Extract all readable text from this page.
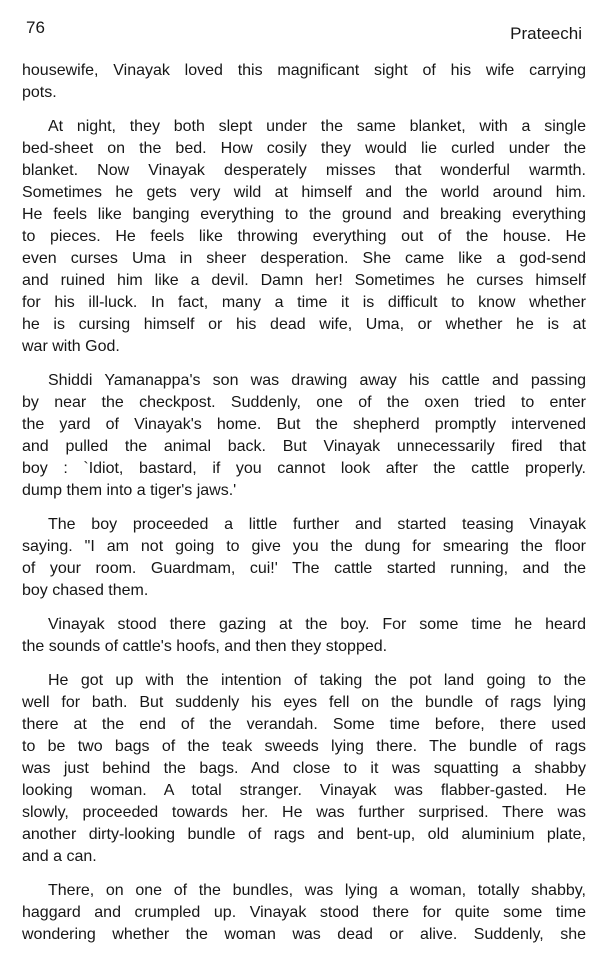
76	Prateechi
housewife, Vinayak loved this magnificant sight of his wife carrying
pots.
At night, they both slept under the same blanket, with a single
bed-sheet on the bed. How cosily they would lie curled under the
blanket. Now Vinayak desperately misses that wonderful warmth.
Sometimes he gets very wild at himself and the world around him.
He feels like banging everything to the ground and breaking everything
to pieces. He feels like throwing everything out of the house. He
even curses Uma in sheer desperation. She came like a god-send
and ruined him like a devil. Damn her! Sometimes he curses himself
for his ill-luck. In fact, many a time it is difficult to know whether
he is cursing himself or his dead wife, Uma, or whether he is at
war with God.
Shiddi Yamanappa's son was drawing away his cattle and passing
by near the checkpost. Suddenly, one of the oxen tried to enter
the yard of Vinayak's home. But the shepherd promptly intervened
and pulled the animal back. But Vinayak unnecessarily fired that
boy : `Idiot, bastard, if you cannot look after the cattle properly.
dump them into a tiger's jaws.'
The boy proceeded a little further and started teasing Vinayak
saying. "I am not going to give you the dung for smearing the floor
of your room. Guardmam, cui!' The cattle started running, and the
boy chased them.
Vinayak stood there gazing at the boy. For some time he heard
the sounds of cattle's hoofs, and then they stopped.
He got up with the intention of taking the pot land going to the
well for bath. But suddenly his eyes fell on the bundle of rags lying
there at the end of the verandah. Some time before, there used
to be two bags of the teak sweeds lying there. The bundle of rags
was just behind the bags. And close to it was squatting a shabby
looking woman. A total stranger. Vinayak was flabber-gasted. He
slowly, proceeded towards her. He was further surprised. There was
another dirty-looking bundle of rags and bent-up, old aluminium plate,
and a can.
There, on one of the bundles, was lying a woman, totally shabby,
haggard and crumpled up. Vinayak stood there for quite some time
wondering whether the woman was dead or alive. Suddenly, she
